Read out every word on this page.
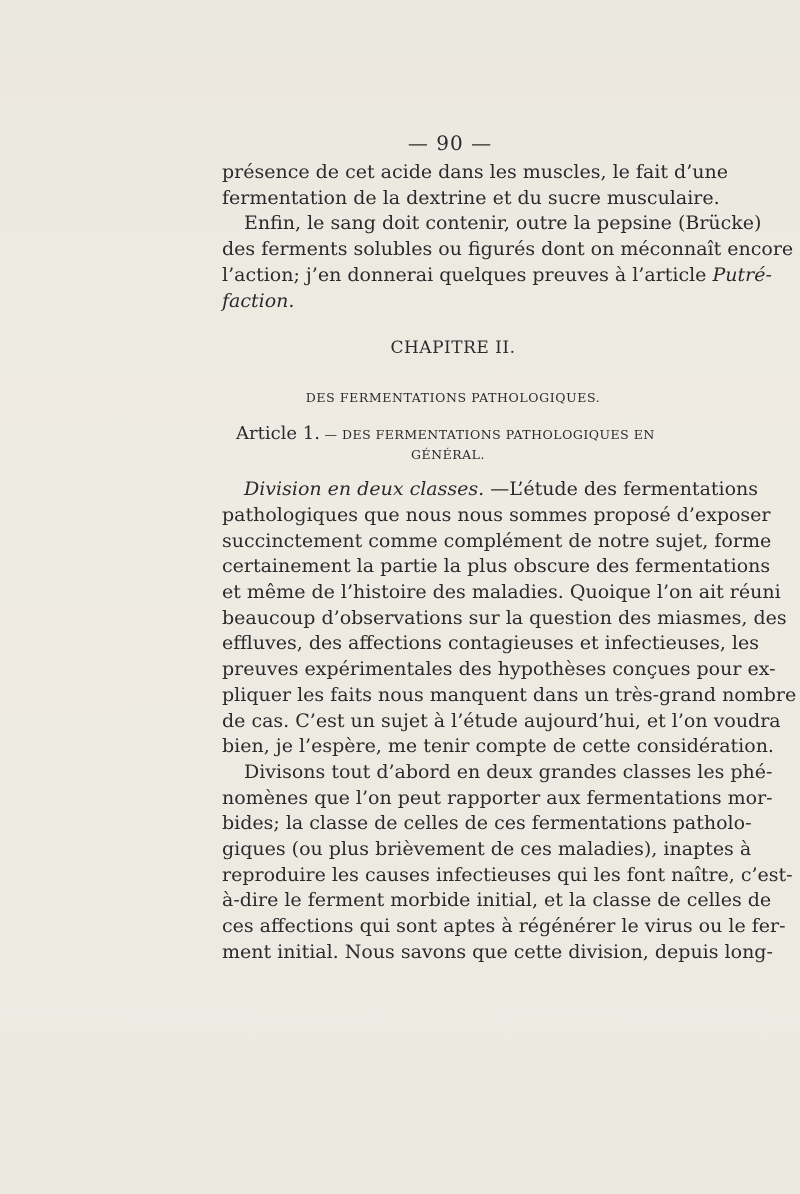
— 90 —

présence de cet acide dans les muscles, le fait d’une
fermentation de la dextrine et du sucre musculaire.

Enfin, le sang doit contenir, outre la pepsine (Brücke)
des ferments solubles ou figurés dont on méconnaît encore
l’action; j’en donnerai quelques preuves à l’article Putré-
faction.

CHAPITRE II.
DES FERMENTATIONS PATHOLOGIQUES.
Article 1. — DES FERMENTATIONS PATHOLOGIQUES EN
GÉNÉRAL.

Division en deux classes. —L’étude des fermentations
pathologiques que nous nous sommes proposé d’exposer
succinctement comme complément de notre sujet, forme
certainement la partie la plus obscure des fermentations
et même de l’histoire des maladies. Quoique l’on ait réuni
beaucoup d’observations sur la question des miasmes, des
effluves, des affections contagieuses et infectieuses, les
preuves expérimentales des hypothèses conçues pour ex-
pliquer les faits nous manquent dans un très-grand nombre
de cas. C’est un sujet à l’étude aujourd’hui, et l’on voudra
bien, je l’espère, me tenir compte de cette considération.

Divisons tout d’abord en deux grandes classes les phé-
nomènes que l’on peut rapporter aux fermentations mor-
bides; la classe de celles de ces fermentations patholo-
giques (ou plus brièvement de ces maladies), inaptes à
reproduire les causes infectieuses qui les font naître, c’est-
à-dire le ferment morbide initial, et la classe de celles de
ces affections qui sont aptes à régénérer le virus ou le fer-
ment initial. Nous savons que cette division, depuis long-
